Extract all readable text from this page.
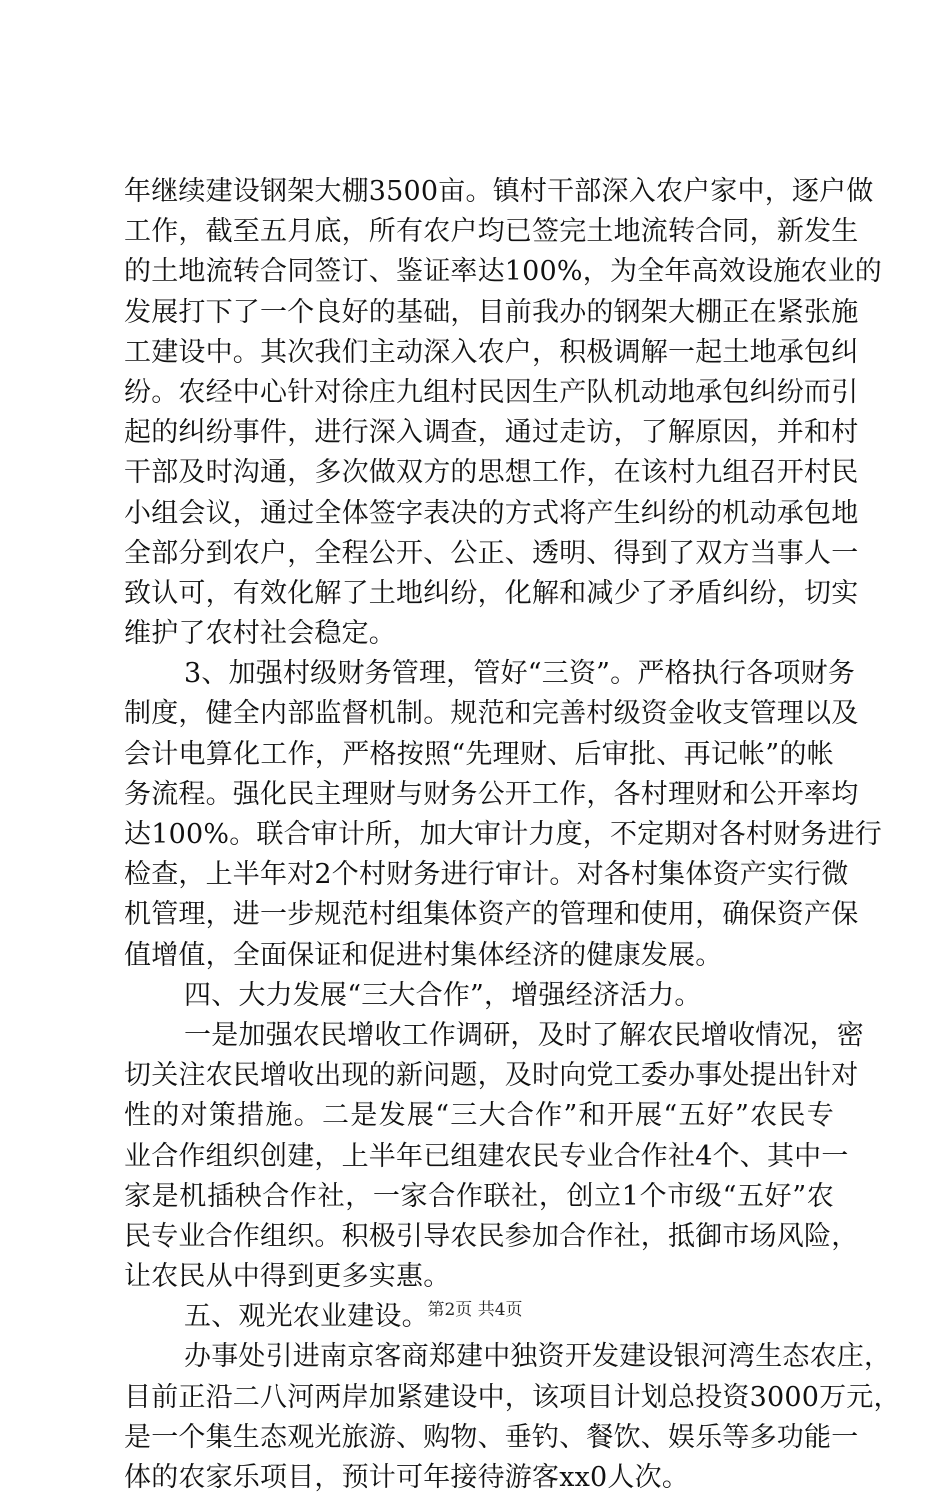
年继续建设钢架大棚3500亩。镇村干部深入农户家中，逐户做
工作，截至五月底，所有农户均已签完土地流转合同，新发生
的土地流转合同签订、鉴证率达100%，为全年高效设施农业的
发展打下了一个良好的基础，目前我办的钢架大棚正在紧张施
工建设中。其次我们主动深入农户，积极调解一起土地承包纠
纷。农经中心针对徐庄九组村民因生产队机动地承包纠纷而引
起的纠纷事件，进行深入调查，通过走访，了解原因，并和村
干部及时沟通，多次做双方的思想工作，在该村九组召开村民
小组会议，通过全体签字表决的方式将产生纠纷的机动承包地
全部分到农户，全程公开、公正、透明、得到了双方当事人一
致认可，有效化解了土地纠纷，化解和减少了矛盾纠纷，切实
维护了农村社会稳定。
3、加强村级财务管理，管好“三资”。严格执行各项财务
制度，健全内部监督机制。规范和完善村级资金收支管理以及
会计电算化工作，严格按照“先理财、后审批、再记帐”的帐
务流程。强化民主理财与财务公开工作，各村理财和公开率均
达100%。联合审计所，加大审计力度，不定期对各村财务进行
检查，上半年对2个村财务进行审计。对各村集体资产实行微
机管理，进一步规范村组集体资产的管理和使用，确保资产保
值增值，全面保证和促进村集体经济的健康发展。
四、大力发展“三大合作”，增强经济活力。
一是加强农民增收工作调研，及时了解农民增收情况，密
切关注农民增收出现的新问题，及时向党工委办事处提出针对
性的对策措施。二是发展“三大合作”和开展“五好”农民专
业合作组织创建，上半年已组建农民专业合作社4个、其中一
家是机插秧合作社，一家合作联社，创立1个市级“五好”农
民专业合作组织。积极引导农民参加合作社，抵御市场风险，
让农民从中得到更多实惠。
五、观光农业建设。
办事处引进南京客商郑建中独资开发建设银河湾生态农庄，
目前正沿二八河两岸加紧建设中，该项目计划总投资3000万元，
是一个集生态观光旅游、购物、垂钓、餐饮、娱乐等多功能一
体的农家乐项目，预计可年接待游客xx0人次。
第2页 共4页
